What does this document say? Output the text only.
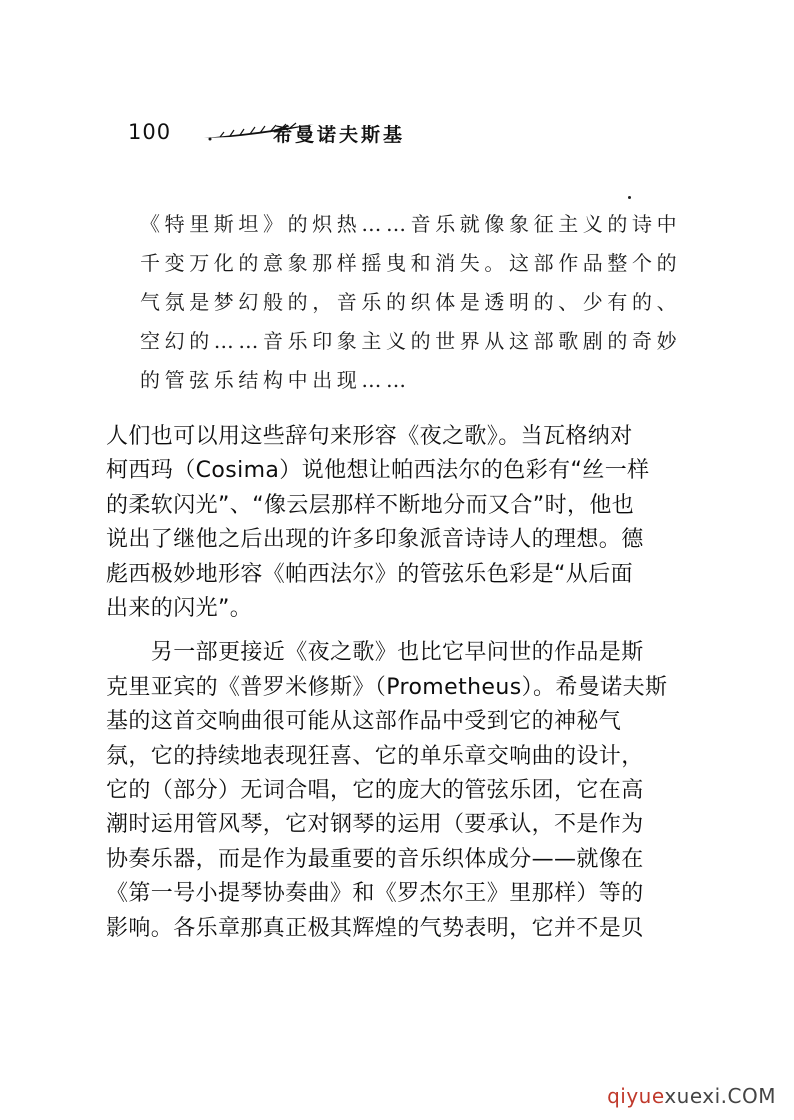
100	希曼诺夫斯基
《特里斯坦》的炽热……音乐就像象征主义的诗中
千变万化的意象那样摇曳和消失。这部作品整个的
气氛是梦幻般的，音乐的织体是透明的、少有的、
空幻的……音乐印象主义的世界从这部歌剧的奇妙
的管弦乐结构中出现……
人们也可以用这些辞句来形容《夜之歌》。当瓦格纳对
柯西玛（Cosima）说他想让帕西法尔的色彩有“丝一样
的柔软闪光”、“像云层那样不断地分而又合”时，他也
说出了继他之后出现的许多印象派音诗诗人的理想。德
彪西极妙地形容《帕西法尔》的管弦乐色彩是“从后面
出来的闪光”。
　　另一部更接近《夜之歌》也比它早问世的作品是斯
克里亚宾的《普罗米修斯》（Prometheus）。希曼诺夫斯
基的这首交响曲很可能从这部作品中受到它的神秘气
氛，它的持续地表现狂喜、它的单乐章交响曲的设计，
它的（部分）无词合唱，它的庞大的管弦乐团，它在高
潮时运用管风琴，它对钢琴的运用（要承认，不是作为
协奏乐器，而是作为最重要的音乐织体成分——就像在
《第一号小提琴协奏曲》和《罗杰尔王》里那样）等的
影响。各乐章那真正极其辉煌的气势表明，它并不是贝
qiyuexuexi.COM
